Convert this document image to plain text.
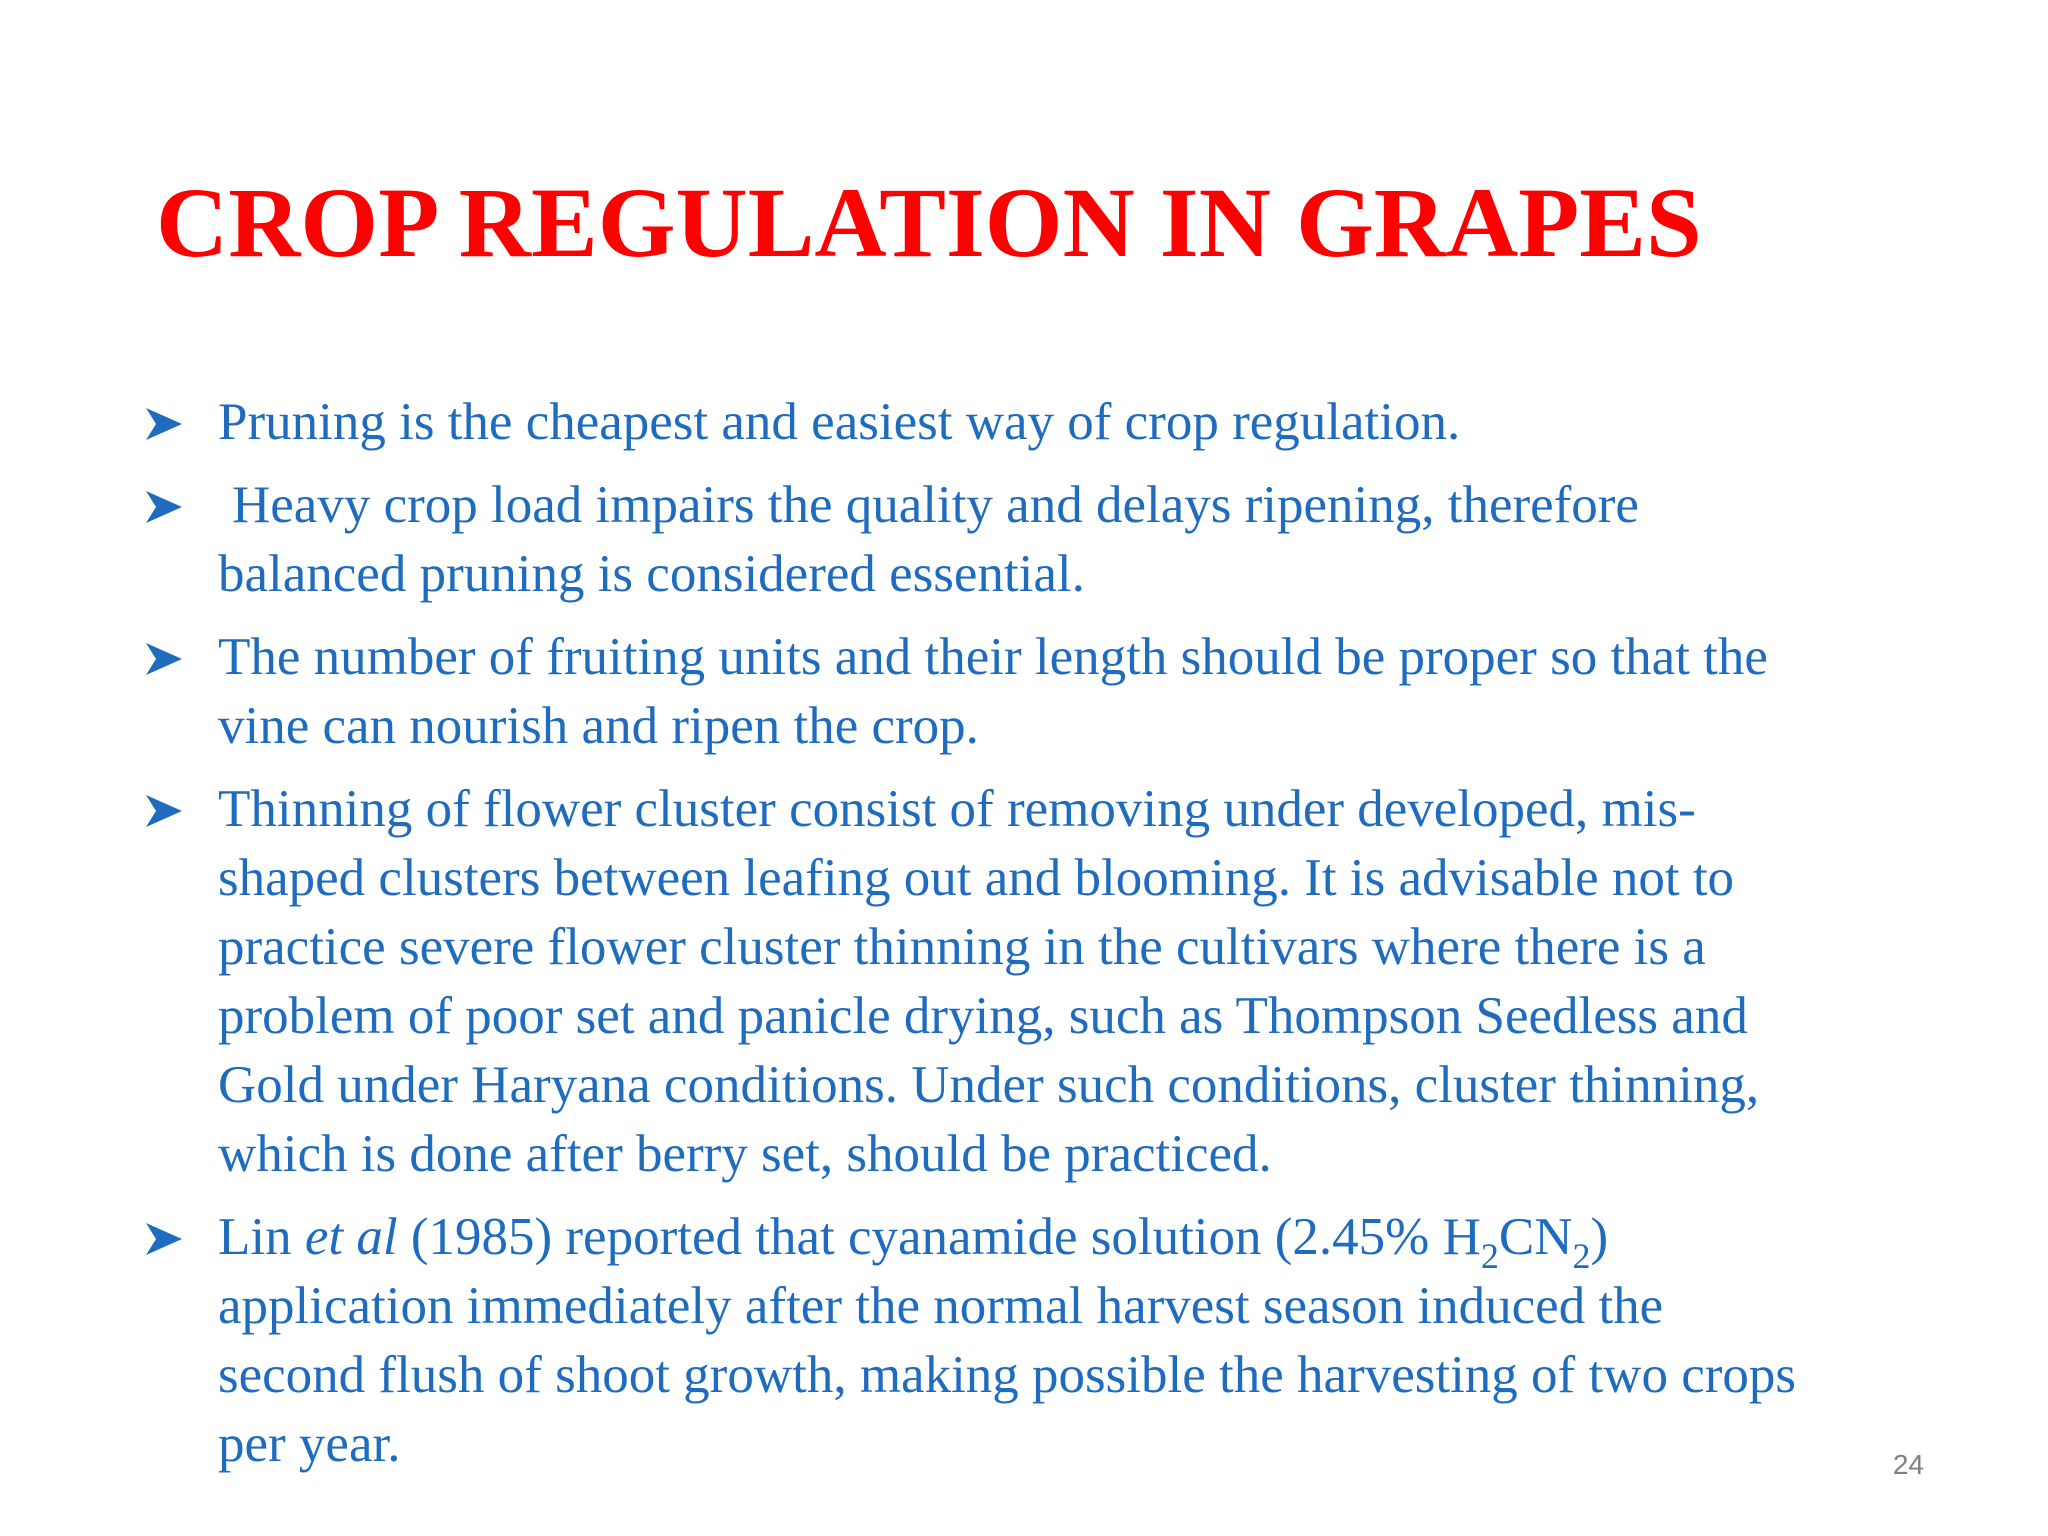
CROP REGULATION IN GRAPES
Pruning is the cheapest and easiest way of crop regulation.
Heavy crop load impairs the quality and delays ripening, therefore
balanced pruning is considered essential.
The number of fruiting units and their length should be proper so that the
vine can nourish and ripen the crop.
Thinning of flower cluster consist of removing under developed, mis-
shaped clusters between leafing out and blooming. It is advisable not to
practice severe flower cluster thinning in the cultivars where there is a
problem of poor set and panicle drying, such as Thompson Seedless and
Gold under Haryana conditions. Under such conditions, cluster thinning,
which is done after berry set, should be practiced.
Lin et al (1985) reported that cyanamide solution (2.45% $H_2CN_2$)
application immediately after the normal harvest season induced the
second flush of shoot growth, making possible the harvesting of two crops
per year.	24
